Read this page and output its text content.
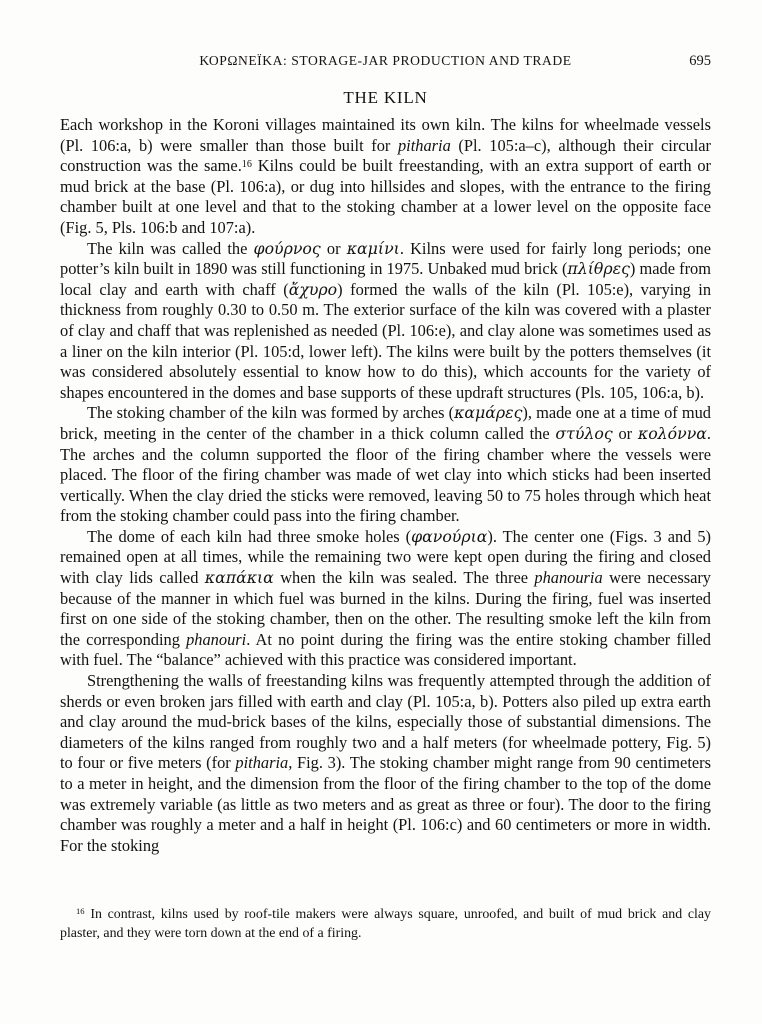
ΚΟΡΩΝΕΪΚΑ: STORAGE-JAR PRODUCTION AND TRADE	695
THE KILN

Each workshop in the Koroni villages maintained its own kiln. The kilns for wheelmade vessels (Pl. 106:a, b) were smaller than those built for pitharia (Pl. 105:a–c), although their circular construction was the same.$^{16}$ Kilns could be built freestanding, with an extra support of earth or mud brick at the base (Pl. 106:a), or dug into hillsides and slopes, with the entrance to the firing chamber built at one level and that to the stoking chamber at a lower level on the opposite face (Fig. 5, Pls. 106:b and 107:a).

The kiln was called the φούρνος or καμίνι. Kilns were used for fairly long periods; one potter’s kiln built in 1890 was still functioning in 1975. Unbaked mud brick (πλίθρες) made from local clay and earth with chaff (ἄχυρο) formed the walls of the kiln (Pl. 105:e), varying in thickness from roughly 0.30 to 0.50 m. The exterior surface of the kiln was covered with a plaster of clay and chaff that was replenished as needed (Pl. 106:e), and clay alone was sometimes used as a liner on the kiln interior (Pl. 105:d, lower left). The kilns were built by the potters themselves (it was considered absolutely essential to know how to do this), which accounts for the variety of shapes encountered in the domes and base supports of these updraft structures (Pls. 105, 106:a, b).

The stoking chamber of the kiln was formed by arches (καμάρες), made one at a time of mud brick, meeting in the center of the chamber in a thick column called the στύλος or κολόννα. The arches and the column supported the floor of the firing chamber where the vessels were placed. The floor of the firing chamber was made of wet clay into which sticks had been inserted vertically. When the clay dried the sticks were removed, leaving 50 to 75 holes through which heat from the stoking chamber could pass into the firing chamber.

The dome of each kiln had three smoke holes (φανούρια). The center one (Figs. 3 and 5) remained open at all times, while the remaining two were kept open during the firing and closed with clay lids called καπάκια when the kiln was sealed. The three phanouria were necessary because of the manner in which fuel was burned in the kilns. During the firing, fuel was inserted first on one side of the stoking chamber, then on the other. The resulting smoke left the kiln from the corresponding phanouri. At no point during the firing was the entire stoking chamber filled with fuel. The “balance” achieved with this practice was considered important.

Strengthening the walls of freestanding kilns was frequently attempted through the addition of sherds or even broken jars filled with earth and clay (Pl. 105:a, b). Potters also piled up extra earth and clay around the mud-brick bases of the kilns, especially those of substantial dimensions. The diameters of the kilns ranged from roughly two and a half meters (for wheelmade pottery, Fig. 5) to four or five meters (for pitharia, Fig. 3). The stoking chamber might range from 90 centimeters to a meter in height, and the dimension from the floor of the firing chamber to the top of the dome was extremely variable (as little as two meters and as great as three or four). The door to the firing chamber was roughly a meter and a half in height (Pl. 106:c) and 60 centimeters or more in width. For the stoking

$^{16}$ In contrast, kilns used by roof-tile makers were always square, unroofed, and built of mud brick and clay plaster, and they were torn down at the end of a firing.
